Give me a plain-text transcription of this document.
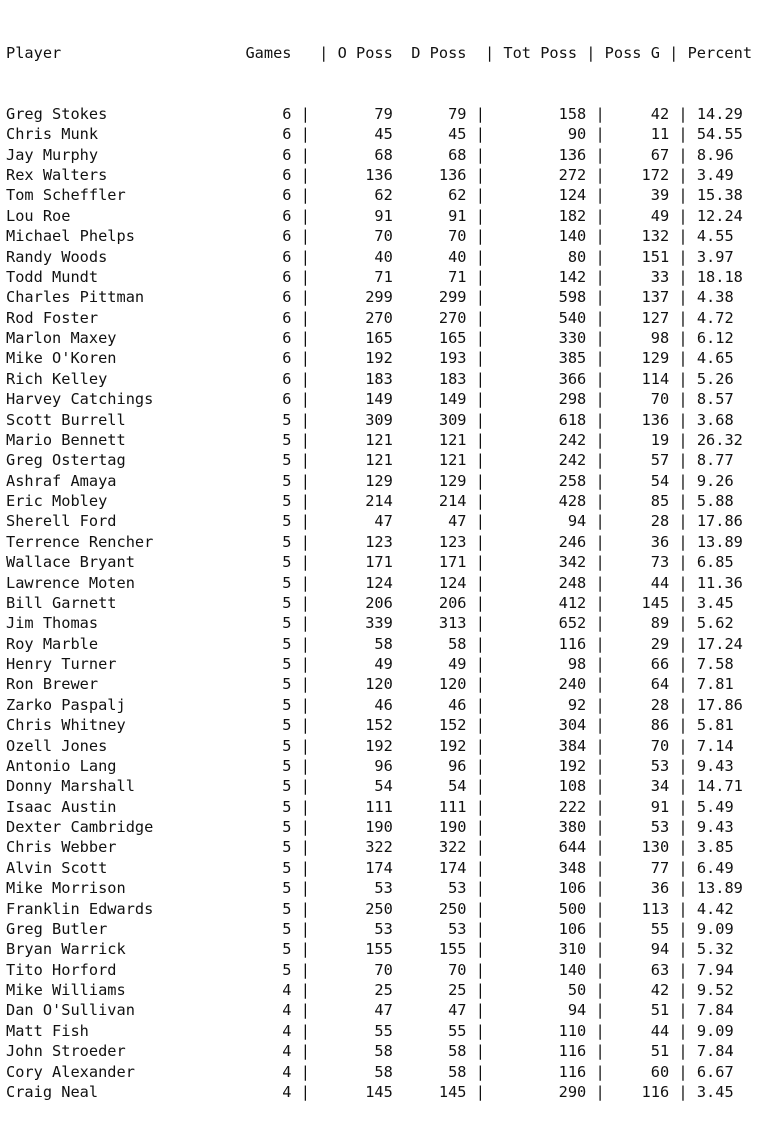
Player                    Games   | O Poss D Poss  | Tot Poss | Poss G | Percent

Greg Stokes                   6 |       79      79 |        158 |     42 | 14.29
Chris Munk                    6 |       45      45 |         90 |     11 | 54.55
Jay Murphy                    6 |       68      68 |        136 |     67 | 8.96
Rex Walters                   6 |      136     136 |        272 |    172 | 3.49
Tom Scheffler                 6 |       62      62 |        124 |     39 | 15.38
Lou Roe                       6 |       91      91 |        182 |     49 | 12.24
Michael Phelps                6 |       70      70 |        140 |    132 | 4.55
Randy Woods                   6 |       40      40 |         80 |    151 | 3.97
Todd Mundt                    6 |       71      71 |        142 |     33 | 18.18
Charles Pittman               6 |      299     299 |        598 |    137 | 4.38
Rod Foster                    6 |      270     270 |        540 |    127 | 4.72
Marlon Maxey                  6 |      165     165 |        330 |     98 | 6.12
Mike O'Koren                  6 |      192     193 |        385 |    129 | 4.65
Rich Kelley                   6 |      183     183 |        366 |    114 | 5.26
Harvey Catchings              6 |      149     149 |        298 |     70 | 8.57
Scott Burrell                 5 |      309     309 |        618 |    136 | 3.68
Mario Bennett                 5 |      121     121 |        242 |     19 | 26.32
Greg Ostertag                 5 |      121     121 |        242 |     57 | 8.77
Ashraf Amaya                  5 |      129     129 |        258 |     54 | 9.26
Eric Mobley                   5 |      214     214 |        428 |     85 | 5.88
Sherell Ford                  5 |       47      47 |         94 |     28 | 17.86
Terrence Rencher              5 |      123     123 |        246 |     36 | 13.89
Wallace Bryant                5 |      171     171 |        342 |     73 | 6.85
Lawrence Moten                5 |      124     124 |        248 |     44 | 11.36
Bill Garnett                  5 |      206     206 |        412 |    145 | 3.45
Jim Thomas                    5 |      339     313 |        652 |     89 | 5.62
Roy Marble                    5 |       58      58 |        116 |     29 | 17.24
Henry Turner                  5 |       49      49 |         98 |     66 | 7.58
Ron Brewer                    5 |      120     120 |        240 |     64 | 7.81
Zarko Paspalj                 5 |       46      46 |         92 |     28 | 17.86
Chris Whitney                 5 |      152     152 |        304 |     86 | 5.81
Ozell Jones                   5 |      192     192 |        384 |     70 | 7.14
Antonio Lang                  5 |       96      96 |        192 |     53 | 9.43
Donny Marshall                5 |       54      54 |        108 |     34 | 14.71
Isaac Austin                  5 |      111     111 |        222 |     91 | 5.49
Dexter Cambridge              5 |      190     190 |        380 |     53 | 9.43
Chris Webber                  5 |      322     322 |        644 |    130 | 3.85
Alvin Scott                   5 |      174     174 |        348 |     77 | 6.49
Mike Morrison                 5 |       53      53 |        106 |     36 | 13.89
Franklin Edwards              5 |      250     250 |        500 |    113 | 4.42
Greg Butler                   5 |       53      53 |        106 |     55 | 9.09
Bryan Warrick                 5 |      155     155 |        310 |     94 | 5.32
Tito Horford                  5 |       70      70 |        140 |     63 | 7.94
Mike Williams                 4 |       25      25 |         50 |     42 | 9.52
Dan O'Sullivan                4 |       47      47 |         94 |     51 | 7.84
Matt Fish                     4 |       55      55 |        110 |     44 | 9.09
John Stroeder                 4 |       58      58 |        116 |     51 | 7.84
Cory Alexander                4 |       58      58 |        116 |     60 | 6.67
Craig Neal                    4 |      145     145 |        290 |    116 | 3.45
